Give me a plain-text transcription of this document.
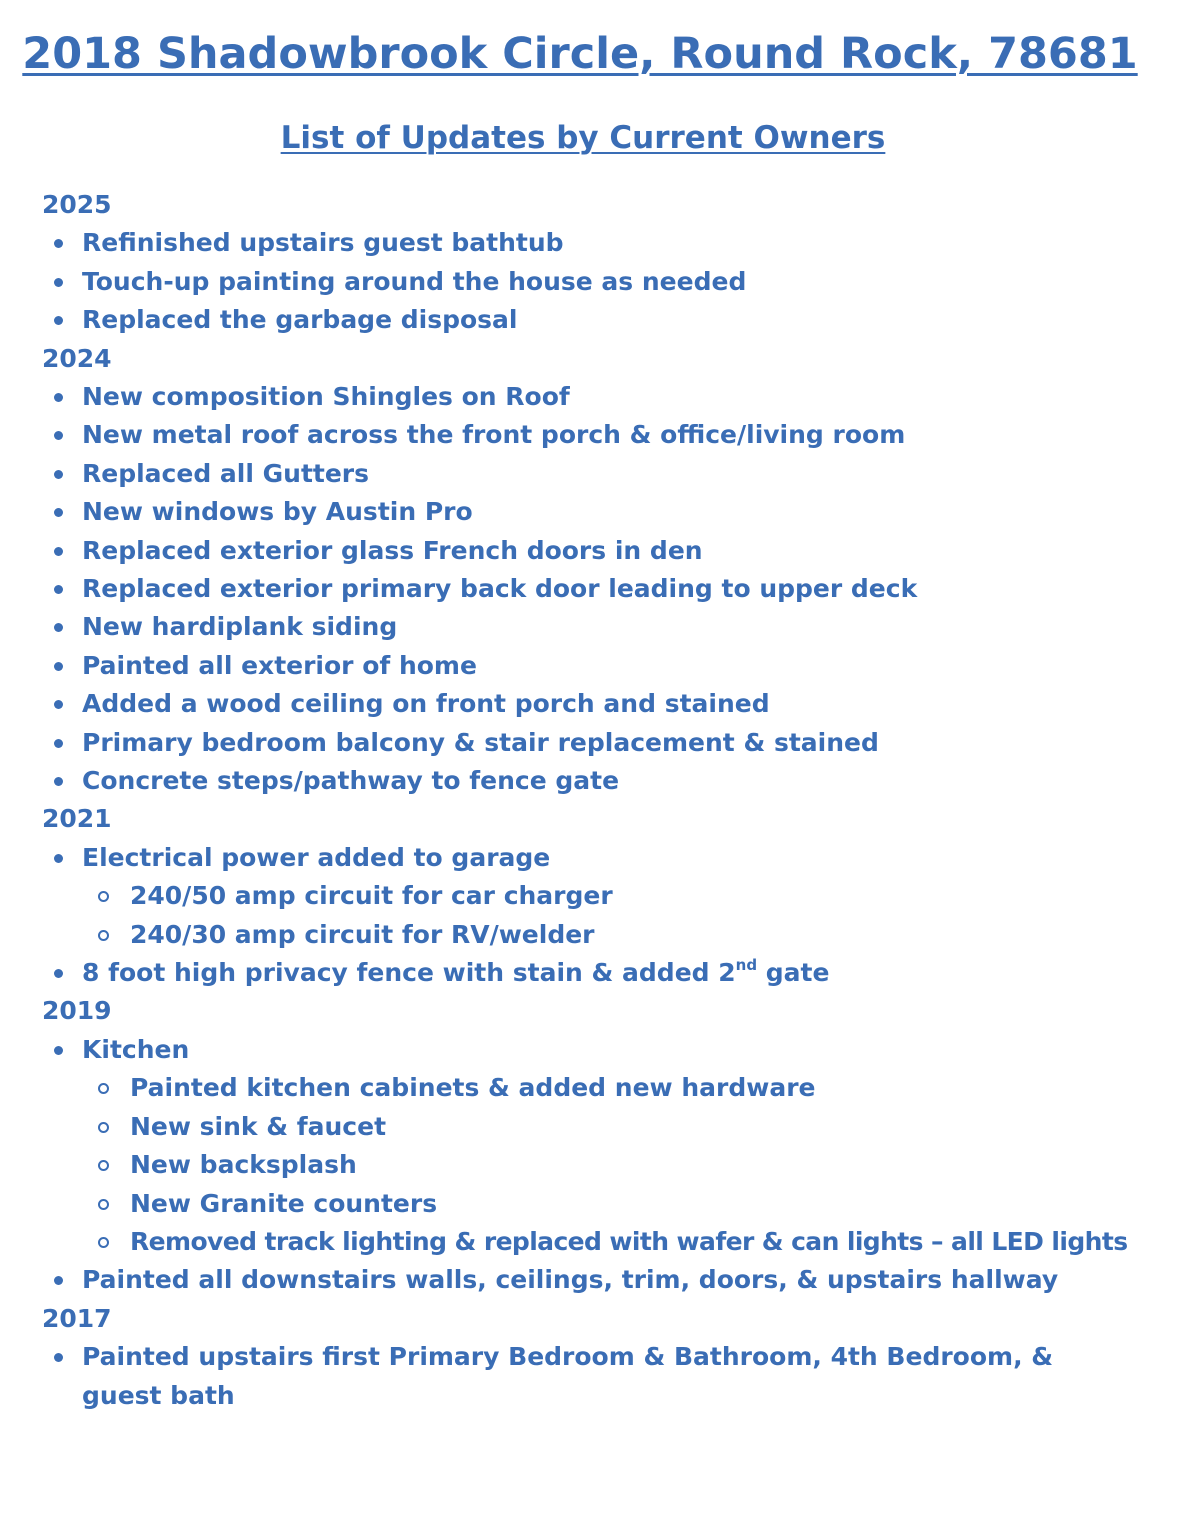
2018 Shadowbrook Circle, Round Rock, 78681
List of Updates by Current Owners
2025
Refinished upstairs guest bathtub
Touch-up painting around the house as needed
Replaced the garbage disposal
2024
New composition Shingles on Roof
New metal roof across the front porch & office/living room
Replaced all Gutters
New windows by Austin Pro
Replaced exterior glass French doors in den
Replaced exterior primary back door leading to upper deck
New hardiplank siding
Painted all exterior of home
Added a wood ceiling on front porch and stained
Primary bedroom balcony & stair replacement & stained
Concrete steps/pathway to fence gate
2021
Electrical power added to garage
240/50 amp circuit for car charger
240/30 amp circuit for RV/welder
8 foot high privacy fence with stain & added 2nd gate
2019
Kitchen
Painted kitchen cabinets & added new hardware
New sink & faucet
New backsplash
New Granite counters
Removed track lighting & replaced with wafer & can lights – all LED lights
Painted all downstairs walls, ceilings, trim, doors, & upstairs hallway
2017
Painted upstairs first Primary Bedroom & Bathroom, 4th Bedroom, & guest bath
